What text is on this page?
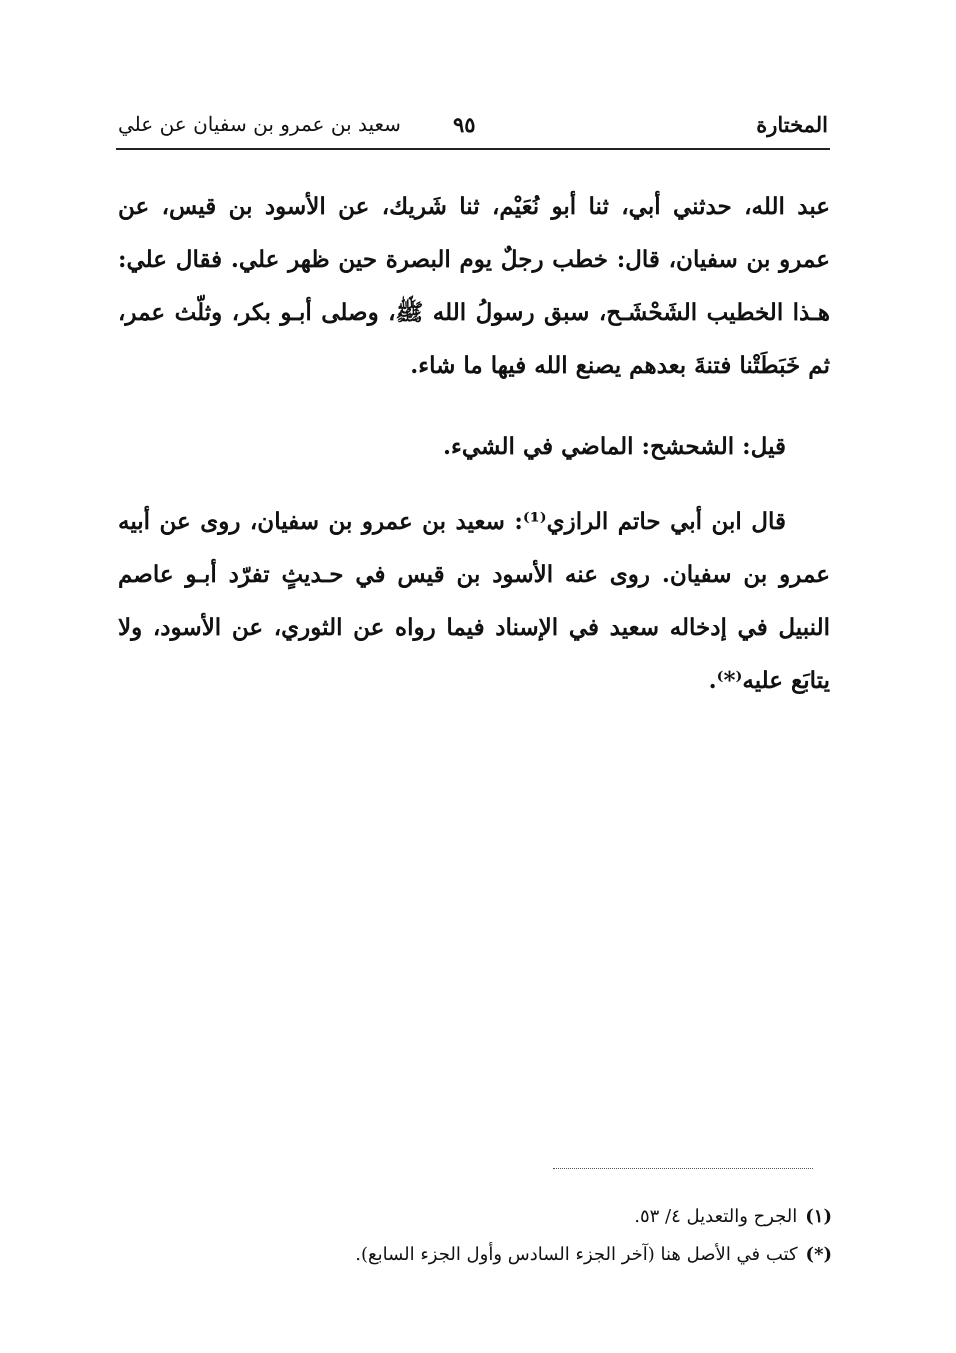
المختارة
٩٥
سعيد بن عمرو بن سفيان عن علي

عبد الله، حدثني أبي، ثنا أبو نُعَيْم، ثنا شَريك، عن الأسود بن قيس، عن عمرو بن سفيان، قال: خطب رجلٌ يوم البصرة حين ظهر علي. فقال علي: هـذا الخطيب الشَحْشَـح، سبق رسولُ الله ﷺ، وصلى أبـو بكر، وثلّث عمر، ثم خَبَطَتْنا فتنةَ بعدهم يصنع الله فيها ما شاء.

قيل: الشحشح: الماضي في الشيء.

قال ابن أبي حاتم الرازي⁽¹⁾: سعيد بن عمرو بن سفيان، روى عن أبيه عمرو بن سفيان. روى عنه الأسود بن قيس في حـديثٍ تفرّد أبـو عاصم النبيل في إدخاله سعيد في الإسناد فيما رواه عن الثوري، عن الأسود، ولا يتابَع عليه⁽*⁾.

(١)الجرح والتعديل ٤/ ٥٣.

(*)كتب في الأصل هنا (آخر الجزء السادس وأول الجزء السابع).
